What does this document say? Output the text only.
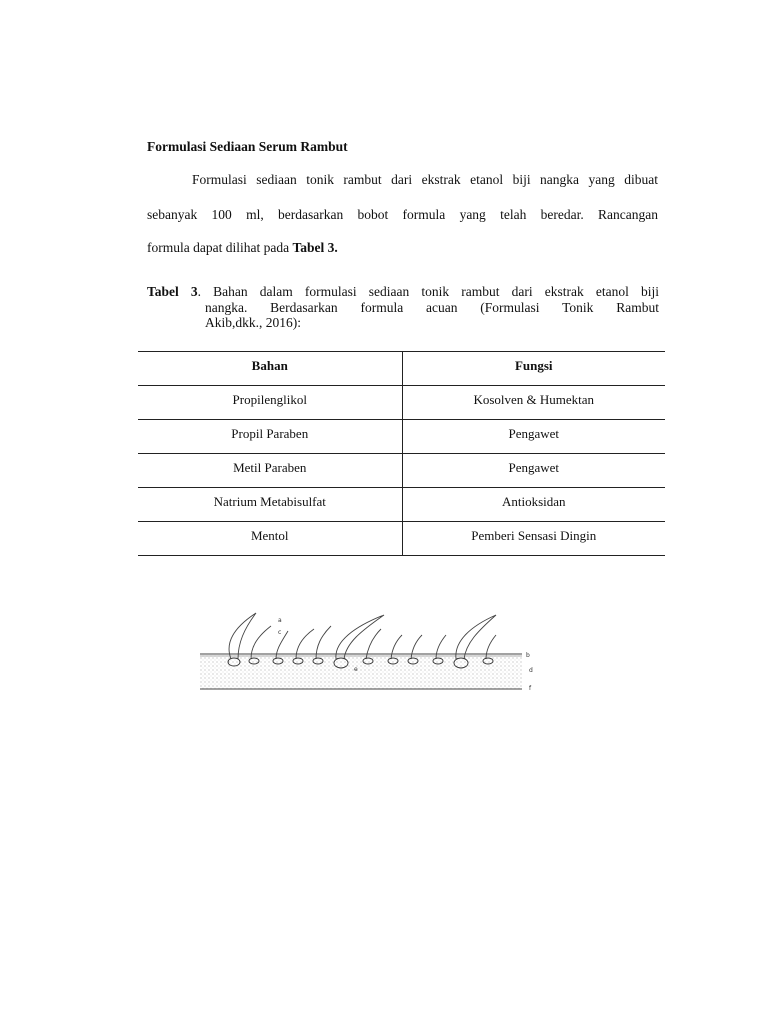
Formulasi Sediaan Serum Rambut
Formulasi sediaan tonik rambut dari ekstrak etanol biji nangka yang dibuat
sebanyak 100 ml, berdasarkan bobot formula yang telah beredar. Rancangan
formula dapat dilihat pada Tabel 3.
Tabel 3. Bahan dalam formulasi sediaan tonik rambut dari ekstrak etanol biji
nangka. Berdasarkan formula acuan (Formulasi Tonik Rambut
Akib,dkk., 2016):
Bahan	Fungsi
Propilenglikol	Kosolven & Humektan
Propil Paraben	Pengawet
Metil Paraben	Pengawet
Natrium Metabisulfat	Antioksidan
Mentol	Pemberi Sensasi Dingin
a
c
b
d
e
f
